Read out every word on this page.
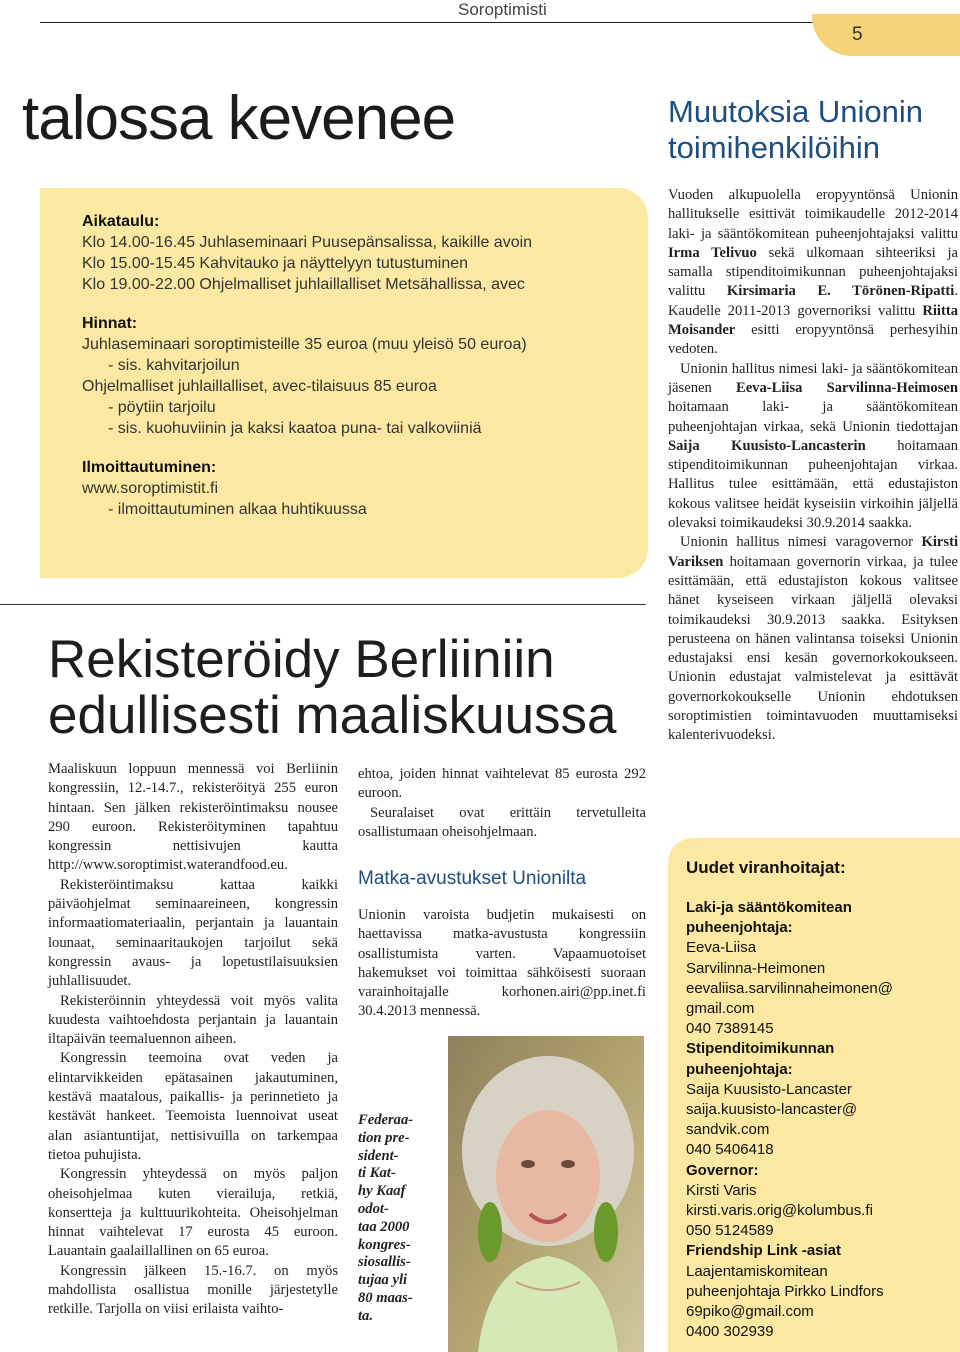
Soroptimisti
5
talossa kevenee	Muutoksia Unionin toimihenkilöihin
Aikataulu:
Klo 14.00-16.45 Juhlaseminaari Puusepänsalissa, kaikille avoin
Klo 15.00-15.45 Kahvitauko ja näyttelyyn tutustuminen
Klo 19.00-22.00 Ohjelmalliset juhlaillalliset Metsähallissa, avec
Hinnat:
Juhlaseminaari soroptimisteille 35 euroa (muu yleisö 50 euroa)
- sis. kahvitarjoilun
Ohjelmalliset juhlaillalliset, avec-tilaisuus 85 euroa
- pöytiin tarjoilu
- sis. kuohuviinin ja kaksi kaatoa puna- tai valkoviiniä
Ilmoittautuminen:
www.soroptimistit.fi
- ilmoittautuminen alkaa huhtikuussa
Rekisteröidy Berliiniin
edullisesti maaliskuussa

Maaliskuun loppuun mennessä voi Berliinin kongressiin, 12.-14.7., rekisteröityä 255 euron hintaan. Sen jälken rekisteröintimaksu nousee 290 euroon. Rekisteröityminen tapahtuu kongressin nettisivujen kautta http://www.soroptimist.waterandfood.eu.

Rekisteröintimaksu kattaa kaikki päiväohjelmat seminaareineen, kongressin informaatiomateriaalin, perjantain ja lauantain lounaat, seminaaritaukojen tarjoilut sekä kongressin avaus- ja lopetustilaisuuksien juhlallisuudet.

Rekisteröinnin yhteydessä voit myös valita kuudesta vaihtoehdosta perjantain ja lauantain iltapäivän teemaluennon aiheen.

Kongressin teemoina ovat veden ja elintarvikkeiden epätasainen jakautuminen, kestävä maatalous, paikallis- ja perinnetieto ja kestävät hankeet. Teemoista luennoivat useat alan asiantuntijat, nettisivuilla on tarkempaa tietoa puhujista.

Kongressin yhteydessä on myös paljon oheisohjelmaa kuten vierailuja, retkiä, konsertteja ja kulttuurikohteita. Oheisohjelman hinnat vaihtelevat 17 eurosta 45 euroon. Lauantain gaalaillallinen on 65 euroa.

Kongressin jälkeen 15.-16.7. on myös mahdollista osallistua monille järjestetylle retkille. Tarjolla on viisi erilaista vaihto-

ehtoa, joiden hinnat vaihtelevat 85 eurosta 292 euroon.

Seuralaiset ovat erittäin tervetulleita osallistumaan oheisohjelmaan.

Matka-avustukset Unionilta

Unionin varoista budjetin mukaisesti on haettavissa matka-avustusta kongressiin osallistumista varten. Vapaamuotoiset hakemukset voi toimittaa sähköisesti suoraan varainhoitajalle korhonen.airi@pp.inet.fi 30.4.2013 mennessä.

Federaa-
tion pre-
sident-
ti Kat-
hy Kaaf
odot-
taa 2000
kongres-
siosallis-
tujaa yli
80 maas-
ta.

Vuoden alkupuolella eropyyntönsä Unionin hallitukselle esittivät toimikaudelle 2012-2014 laki- ja sääntökomitean puheenjohtajaksi valittu Irma Telivuo sekä ulkomaan sihteeriksi ja samalla stipenditoimikunnan puheenjohtajaksi valittu Kirsimaria E. Törönen-Ripatti. Kaudelle 2011-2013 governoriksi valittu Riitta Moisander esitti eropyyntönsä perhesyihin vedoten.

Unionin hallitus nimesi laki- ja sääntökomitean jäsenen Eeva-Liisa Sarvilinna-Heimosen hoitamaan laki- ja sääntökomitean puheenjohtajan virkaa, sekä Unionin tiedottajan Saija Kuusisto-Lancasterin hoitamaan stipenditoimikunnan puheenjohtajan virkaa. Hallitus tulee esittämään, että edustajiston kokous valitsee heidät kyseisiin virkoihin jäljellä olevaksi toimikaudeksi 30.9.2014 saakka.

Unionin hallitus nimesi varagovernor Kirsti Variksen hoitamaan governorin virkaa, ja tulee esittämään, että edustajiston kokous valitsee hänet kyseiseen virkaan jäljellä olevaksi toimikaudeksi 30.9.2013 saakka. Esityksen perusteena on hänen valintansa toiseksi Unionin edustajaksi ensi kesän governorkokoukseen. Unionin edustajat valmistelevat ja esittävät governorkokoukselle Unionin ehdotuksen soroptimistien toimintavuoden muuttamiseksi kalenterivuodeksi.

Uudet viranhoitajat:
Laki-ja sääntökomitean
puheenjohtaja:
Eeva-Liisa
Sarvilinna-Heimonen
eevaliisa.sarvilinnaheimonen@
gmail.com
040 7389145
Stipenditoimikunnan
puheenjohtaja:
Saija Kuusisto-Lancaster
saija.kuusisto-lancaster@
sandvik.com
040 5406418
Governor:
Kirsti Varis
kirsti.varis.orig@kolumbus.fi
050 5124589
Friendship Link -asiat
Laajentamiskomitean
puheenjohtaja Pirkko Lindfors
69piko@gmail.com
0400 302939
